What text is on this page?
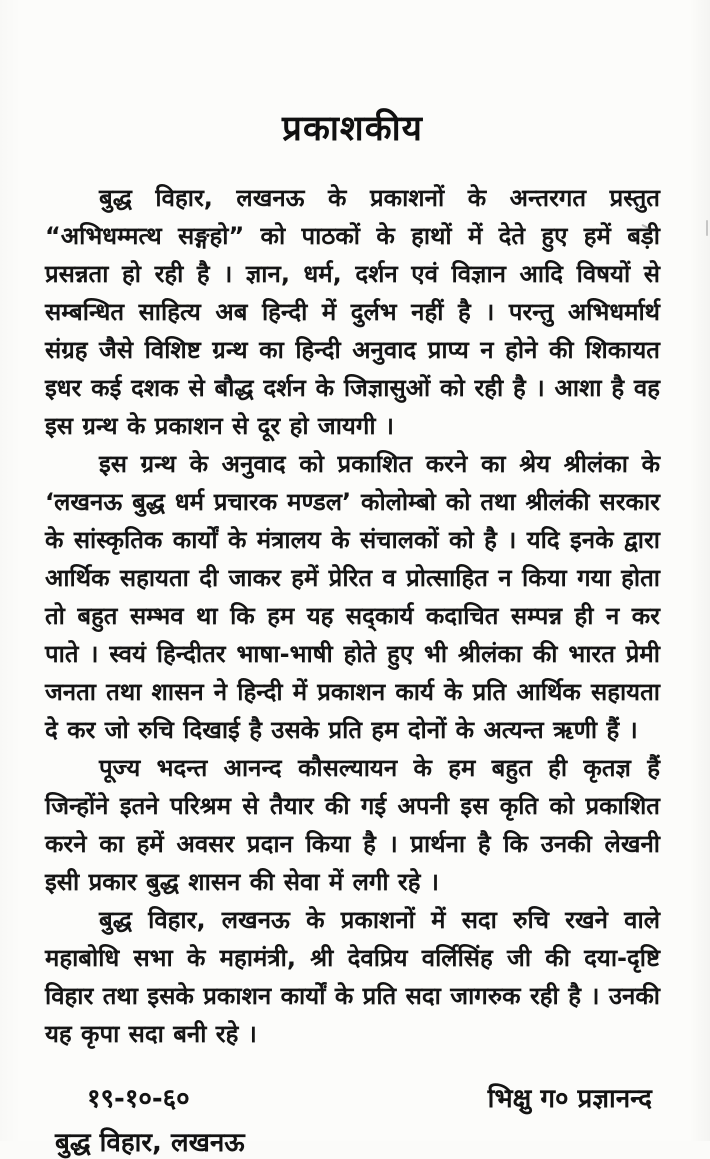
प्रकाशकीय

बुद्ध विहार, लखनऊ के प्रकाशनों के अन्तरगत प्रस्तुत “अभिधम्मत्थ सङ्गहो” को पाठकों के हाथों में देते हुए हमें बड़ी प्रसन्नता हो रही है । ज्ञान, धर्म, दर्शन एवं विज्ञान आदि विषयों से सम्बन्धित साहित्य अब हिन्दी में दुर्लभ नहीं है । परन्तु अभिधर्मार्थ संग्रह जैसे विशिष्ट ग्रन्थ का हिन्दी अनुवाद प्राप्य न होने की शिकायत इधर कई दशक से बौद्ध दर्शन के जिज्ञासुओं को रही है । आशा है वह इस ग्रन्थ के प्रकाशन से दूर हो जायगी ।

इस ग्रन्थ के अनुवाद को प्रकाशित करने का श्रेय श्रीलंका के ‘लखनऊ बुद्ध धर्म प्रचारक मण्डल’ कोलोम्बो को तथा श्रीलंकी सरकार के सांस्कृतिक कार्यों के मंत्रालय के संचालकों को है । यदि इनके द्वारा आर्थिक सहायता दी जाकर हमें प्रेरित व प्रोत्साहित न किया गया होता तो बहुत सम्भव था कि हम यह सद्कार्य कदाचित सम्पन्न ही न कर पाते । स्वयं हिन्दीतर भाषा-भाषी होते हुए भी श्रीलंका की भारत प्रेमी जनता तथा शासन ने हिन्दी में प्रकाशन कार्य के प्रति आर्थिक सहायता दे कर जो रुचि दिखाई है उसके प्रति हम दोनों के अत्यन्त ऋणी हैं ।

पूज्य भदन्त आनन्द कौसल्यायन के हम बहुत ही कृतज्ञ हैं जिन्होंने इतने परिश्रम से तैयार की गई अपनी इस कृति को प्रकाशित करने का हमें अवसर प्रदान किया है । प्रार्थना है कि उनकी लेखनी इसी प्रकार बुद्ध शासन की सेवा में लगी रहे ।

बुद्ध विहार, लखनऊ के प्रकाशनों में सदा रुचि रखने वाले महाबोधि सभा के महामंत्री, श्री देवप्रिय वर्लिसिंह जी की दया-दृष्टि विहार तथा इसके प्रकाशन कार्यों के प्रति सदा जागरुक रही है । उनकी यह कृपा सदा बनी रहे ।

१९-१०-६०	भिक्षु ग० प्रज्ञानन्द
बुद्ध विहार, लखनऊ
